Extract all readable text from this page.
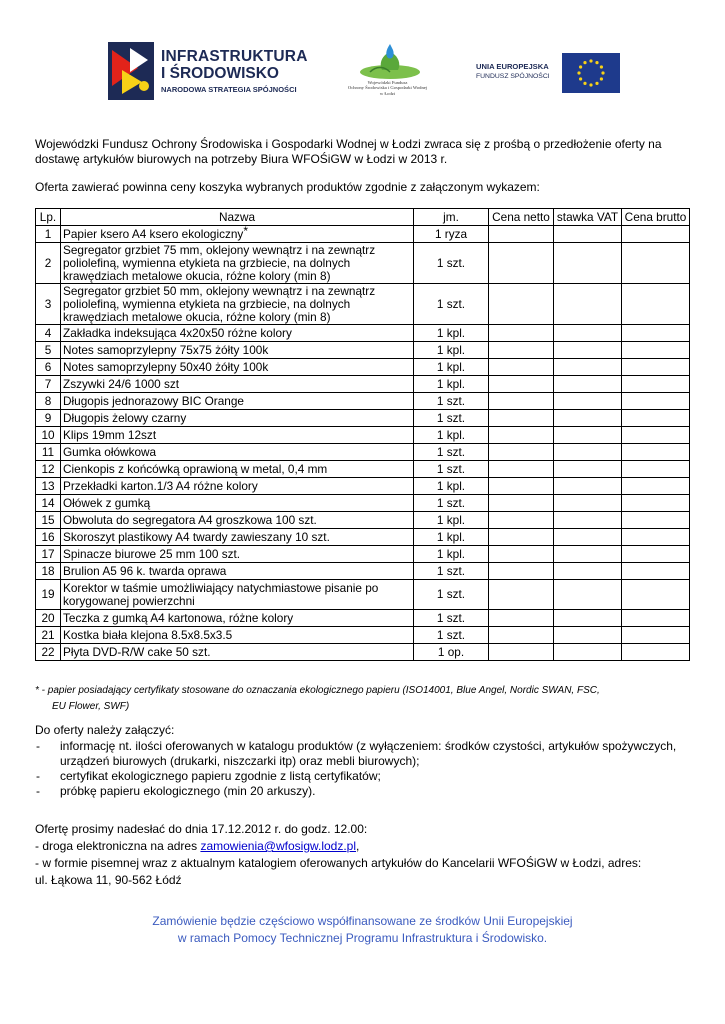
INFRASTRUKTURA
I ŚRODOWISKO
NARODOWA STRATEGIA SPÓJNOŚCI
Wojewódzki Fundusz
Ochrony Środowiska i Gospodarki Wodnej
w Łodzi
UNIA EUROPEJSKA
FUNDUSZ SPÓJNOŚCI
Wojewódzki Fundusz Ochrony Środowiska i Gospodarki Wodnej w Łodzi zwraca się z prośbą o przedłożenie oferty na
dostawę artykułów biurowych na potrzeby Biura WFOŚiGW w Łodzi w 2013 r.
Oferta zawierać powinna ceny koszyka wybranych produktów zgodnie z załączonym wykazem:
Lp.	Nazwa	jm.	Cena netto	stawka VAT	Cena brutto
1	Papier ksero A4 ksero ekologiczny*	1 ryza			
2	Segregator grzbiet 75 mm, oklejony wewnątrz i na zewnątrz poliolefiną, wymienna etykieta na grzbiecie, na dolnych krawędziach metalowe okucia, różne kolory (min 8)	1 szt.			
3	Segregator grzbiet 50 mm, oklejony wewnątrz i na zewnątrz poliolefiną, wymienna etykieta na grzbiecie, na dolnych krawędziach metalowe okucia, różne kolory (min 8)	1 szt.			
4	Zakładka indeksująca 4x20x50 różne kolory	1 kpl.			
5	Notes samoprzylepny 75x75 żółty 100k	1 kpl.			
6	Notes samoprzylepny 50x40 żółty 100k	1 kpl.			
7	Zszywki 24/6 1000 szt	1 kpl.			
8	Długopis jednorazowy BIC Orange	1 szt.			
9	Długopis żelowy czarny	1 szt.			
10	Klips 19mm 12szt	1 kpl.			
11	Gumka ołówkowa	1 szt.			
12	Cienkopis z końcówką oprawioną w metal, 0,4 mm	1 szt.			
13	Przekładki karton.1/3 A4 różne kolory	1 kpl.			
14	Ołówek z gumką	1 szt.			
15	Obwoluta do segregatora A4 groszkowa 100 szt.	1 kpl.			
16	Skoroszyt plastikowy A4 twardy zawieszany 10 szt.	1 kpl.			
17	Spinacze biurowe 25 mm 100 szt.	1 kpl.			
18	Brulion A5 96 k. twarda oprawa	1 szt.			
19	Korektor w taśmie umożliwiający natychmiastowe pisanie po korygowanej powierzchni	1 szt.			
20	Teczka z gumką A4 kartonowa, różne kolory	1 szt.			
21	Kostka biała klejona 8.5x8.5x3.5	1 szt.			
22	Płyta DVD-R/W cake 50 szt.	1 op.			
* - papier posiadający certyfikaty stosowane do oznaczania ekologicznego papieru (ISO14001, Blue Angel, Nordic SWAN, FSC,
EU Flower, SWF)
Do oferty należy załączyć:
- informację nt. ilości oferowanych w katalogu produktów (z wyłączeniem: środków czystości, artykułów spożywczych, urządzeń biurowych (drukarki, niszczarki itp) oraz mebli biurowych);
- certyfikat ekologicznego papieru zgodnie z listą certyfikatów;
- próbkę papieru ekologicznego (min 20 arkuszy).
Ofertę prosimy nadesłać do dnia 17.12.2012 r. do godz. 12.00:
- droga elektroniczna na adres zamowienia@wfosigw.lodz.pl,
- w formie pisemnej wraz z aktualnym katalogiem oferowanych artykułów do Kancelarii WFOŚiGW w Łodzi, adres:
ul. Łąkowa 11, 90-562 Łódź
Zamówienie będzie częściowo współfinansowane ze środków Unii Europejskiej
w ramach Pomocy Technicznej Programu Infrastruktura i Środowisko.
